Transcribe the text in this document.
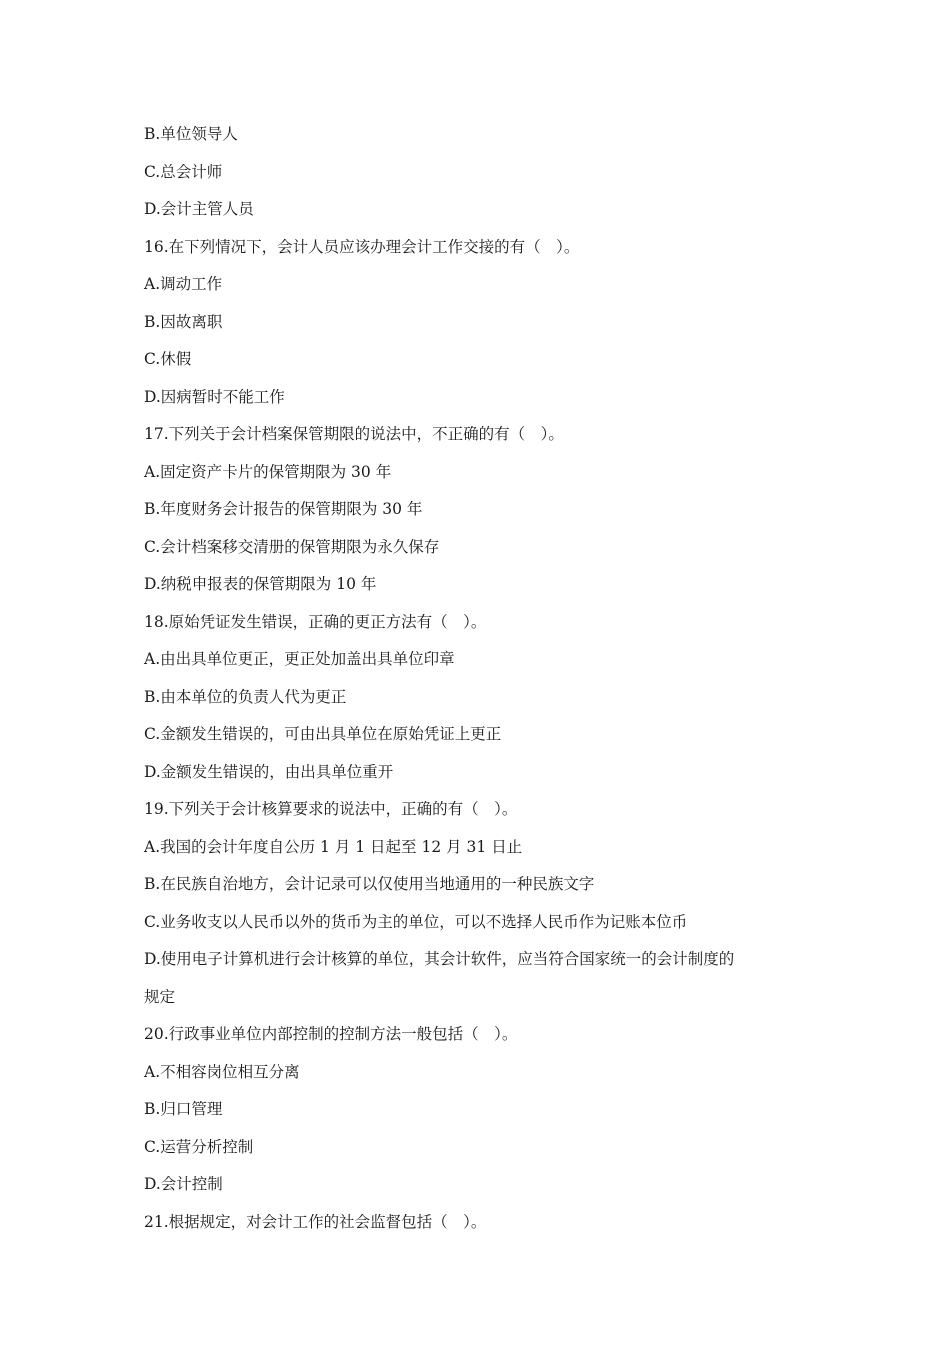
B.单位领导人

C.总会计师

D.会计主管人员

16.在下列情况下，会计人员应该办理会计工作交接的有（　）。

A.调动工作

B.因故离职

C.休假

D.因病暂时不能工作

17.下列关于会计档案保管期限的说法中，不正确的有（　）。

A.固定资产卡片的保管期限为 30 年

B.年度财务会计报告的保管期限为 30 年

C.会计档案移交清册的保管期限为永久保存

D.纳税申报表的保管期限为 10 年

18.原始凭证发生错误，正确的更正方法有（　）。

A.由出具单位更正，更正处加盖出具单位印章

B.由本单位的负责人代为更正

C.金额发生错误的，可由出具单位在原始凭证上更正

D.金额发生错误的，由出具单位重开

19.下列关于会计核算要求的说法中，正确的有（　）。

A.我国的会计年度自公历 1 月 1 日起至 12 月 31 日止

B.在民族自治地方，会计记录可以仅使用当地通用的一种民族文字

C.业务收支以人民币以外的货币为主的单位，可以不选择人民币作为记账本位币

D.使用电子计算机进行会计核算的单位，其会计软件，应当符合国家统一的会计制度的

规定

20.行政事业单位内部控制的控制方法一般包括（　）。

A.不相容岗位相互分离

B.归口管理

C.运营分析控制

D.会计控制

21.根据规定，对会计工作的社会监督包括（　）。
